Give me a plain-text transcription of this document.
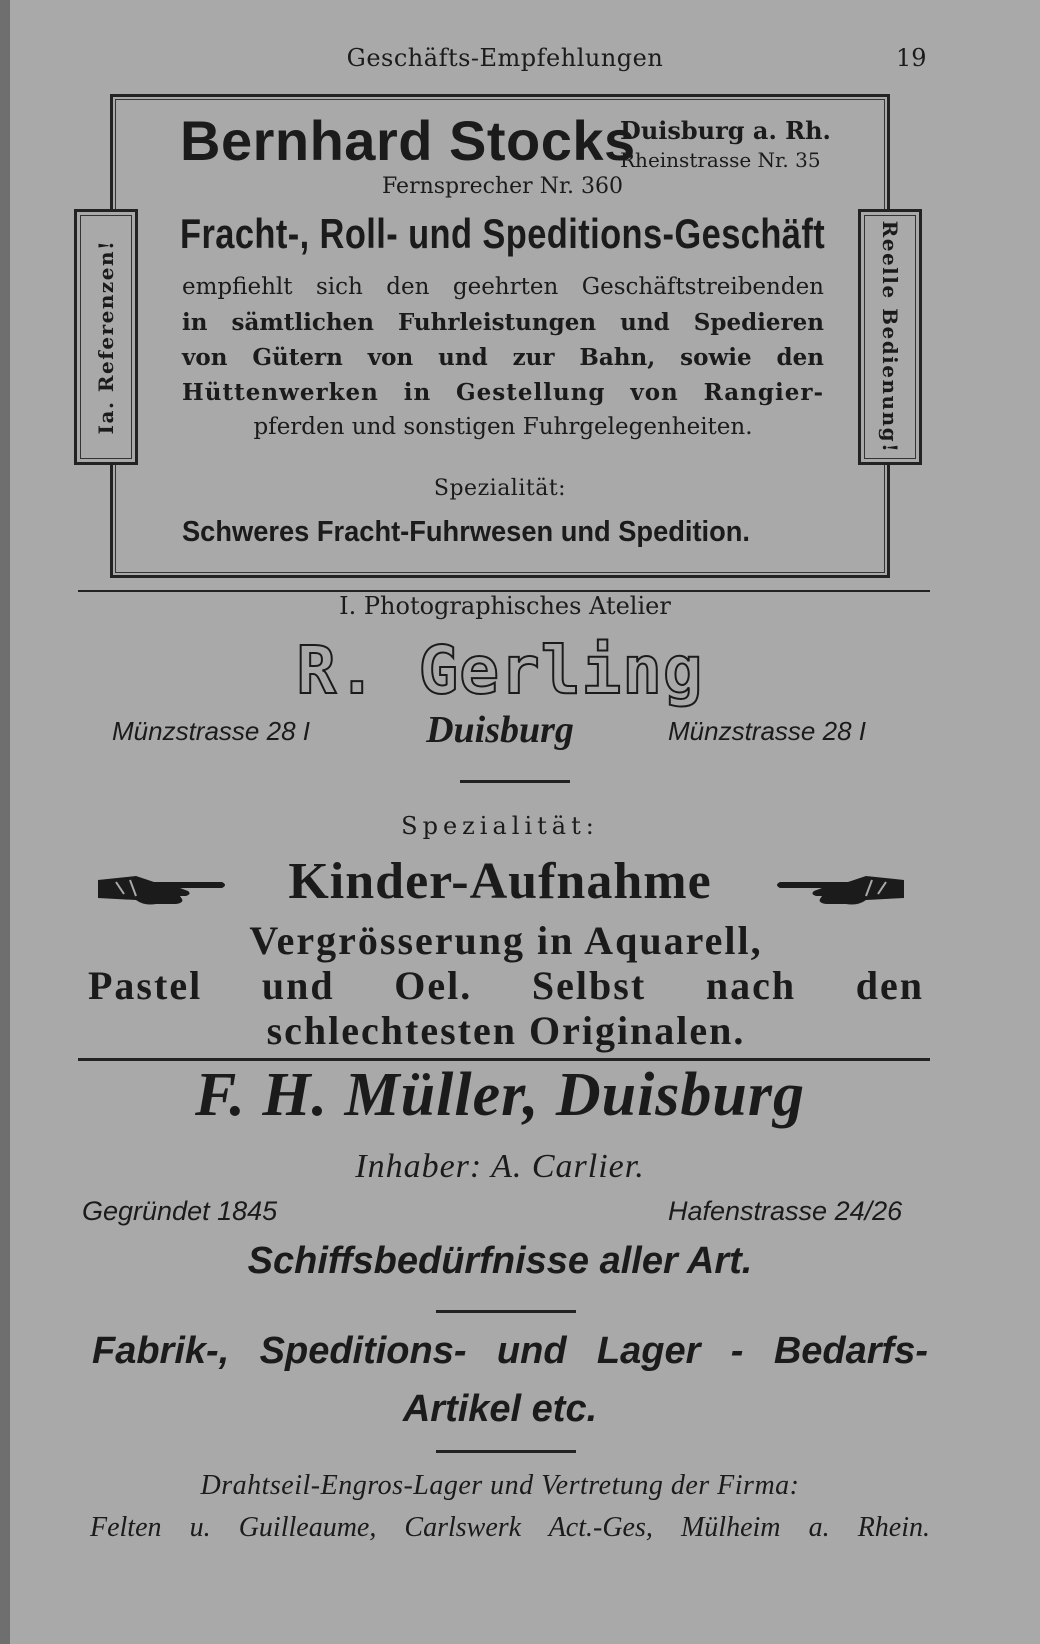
Geschäfts-Empfehlungen	19
Ia. Referenzen!	Reelle Bedienung!
Bernhard Stocks
Duisburg a. Rh.
Rheinstrasse Nr. 35
Fernsprecher Nr. 360
Fracht-, Roll- und Speditions-Geschäft
empfiehlt sich den geehrten Geschäftstreibenden
in sämtlichen Fuhrleistungen und Spedieren
von Gütern von und zur Bahn, sowie den
Hüttenwerken in Gestellung von Rangier-
pferden und sonstigen Fuhrgelegenheiten.
Spezialität:
Schweres Fracht-Fuhrwesen und Spedition.
I. Photographisches Atelier
R. Gerling
Münzstrasse 28 I	Duisburg	Münzstrasse 28 I
Spezialität:
Kinder-Aufnahme
Vergrösserung in Aquarell,
Pastel und Oel. Selbst nach den
schlechtesten Originalen.
F. H. Müller, Duisburg
Inhaber: A. Carlier.
Gegründet 1845	Hafenstrasse 24/26
Schiffsbedürfnisse aller Art.
Fabrik-, Speditions- und Lager - Bedarfs-
Artikel etc.
Drahtseil-Engros-Lager und Vertretung der Firma:
Felten u. Guilleaume, Carlswerk Act.-Ges, Mülheim a. Rhein.
